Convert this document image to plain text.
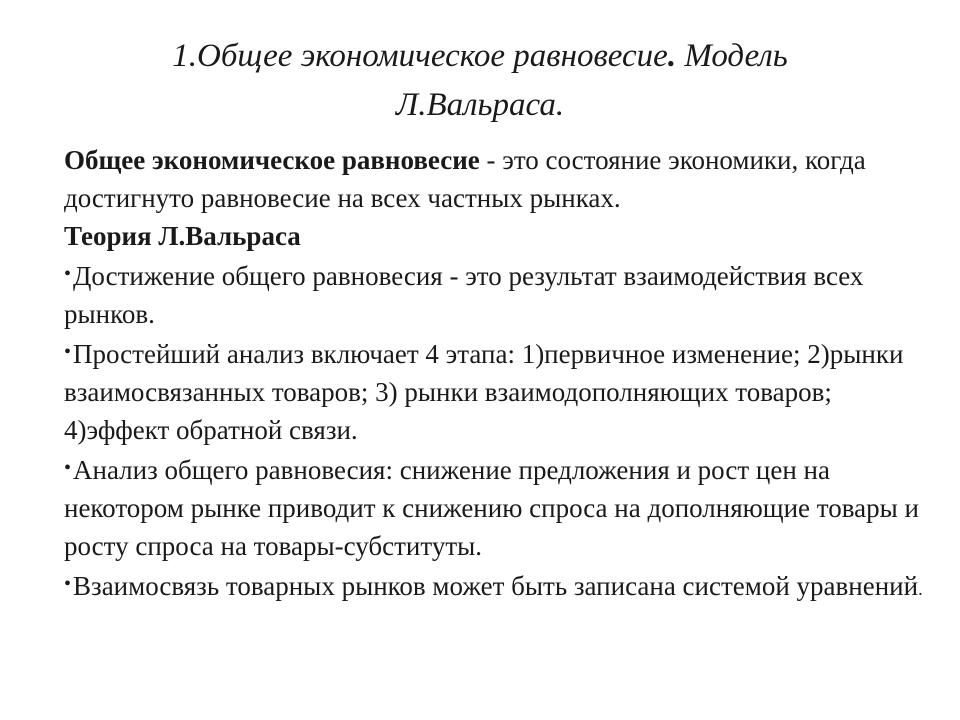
1.Общее экономическое равновесие. Модель
Л.Вальраса.

Общее экономическое равновесие - это состояние экономики, когда достигнуто равновесие на всех частных рынках.

Теория Л.Вальраса

•Достижение общего равновесия - это результат взаимодействия всех рынков.

•Простейший анализ включает 4 этапа: 1)первичное изменение; 2)рынки взаимосвязанных товаров; 3) рынки взаимодополняющих товаров; 4)эффект обратной связи.

•Анализ общего равновесия: снижение предложения и рост цен на некотором рынке приводит к снижению спроса на дополняющие товары и росту спроса на товары-субституты.

•Взаимосвязь товарных рынков может быть записана системой уравнений.
